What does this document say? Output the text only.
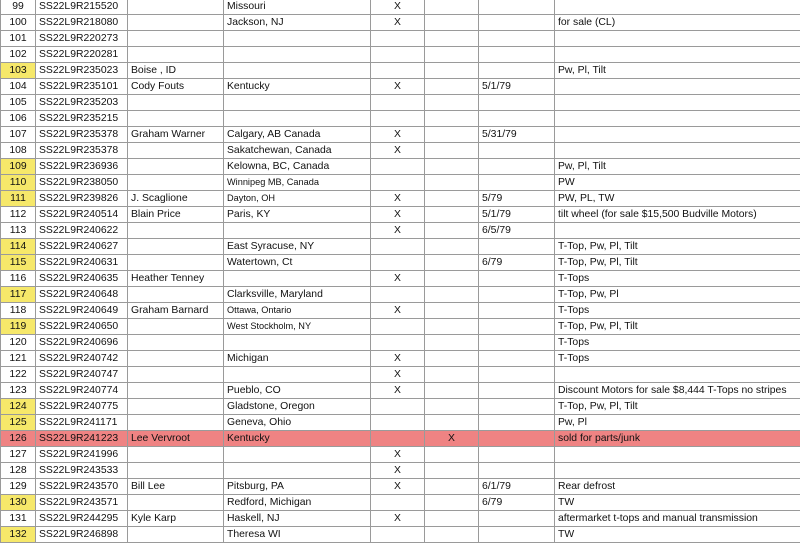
99	SS22L9R215520		Missouri	X			
100	SS22L9R218080		Jackson, NJ	X			for sale (CL)
101	SS22L9R220273						
102	SS22L9R220281						
103	SS22L9R235023	Boise , ID					Pw, Pl, Tilt
104	SS22L9R235101	Cody Fouts	Kentucky	X		5/1/79	
105	SS22L9R235203						
106	SS22L9R235215						
107	SS22L9R235378	Graham Warner	Calgary, AB Canada	X		5/31/79	
108	SS22L9R235378		Sakatchewan, Canada	X			
109	SS22L9R236936		Kelowna, BC, Canada				Pw, Pl, Tilt
110	SS22L9R238050		Winnipeg MB, Canada				PW
111	SS22L9R239826	J. Scaglione	Dayton, OH	X		5/79	PW, PL, TW
112	SS22L9R240514	Blain Price	Paris, KY	X		5/1/79	tilt wheel (for sale $15,500 Budville Motors)
113	SS22L9R240622			X		6/5/79	
114	SS22L9R240627		East Syracuse, NY				T-Top, Pw, Pl, Tilt
115	SS22L9R240631		Watertown, Ct			6/79	T-Top, Pw, Pl, Tilt
116	SS22L9R240635	Heather Tenney		X			T-Tops
117	SS22L9R240648		Clarksville, Maryland				T-Top, Pw, Pl
118	SS22L9R240649	Graham Barnard	Ottawa, Ontario	X			T-Tops
119	SS22L9R240650		West Stockholm, NY				T-Top, Pw, Pl, Tilt
120	SS22L9R240696						T-Tops
121	SS22L9R240742		Michigan	X			T-Tops
122	SS22L9R240747			X			
123	SS22L9R240774		Pueblo, CO	X			Discount Motors for sale $8,444 T-Tops no stripes
124	SS22L9R240775		Gladstone, Oregon				T-Top, Pw, Pl, Tilt
125	SS22L9R241171		Geneva, Ohio				Pw, Pl
126	SS22L9R241223	Lee Vervroot	Kentucky		X		sold for parts/junk
127	SS22L9R241996			X			
128	SS22L9R243533			X			
129	SS22L9R243570	Bill Lee	Pitsburg, PA	X		6/1/79	Rear defrost
130	SS22L9R243571		Redford, Michigan			6/79	TW
131	SS22L9R244295	Kyle Karp	Haskell, NJ	X			aftermarket t-tops and manual transmission
132	SS22L9R246898		Theresa WI				TW
